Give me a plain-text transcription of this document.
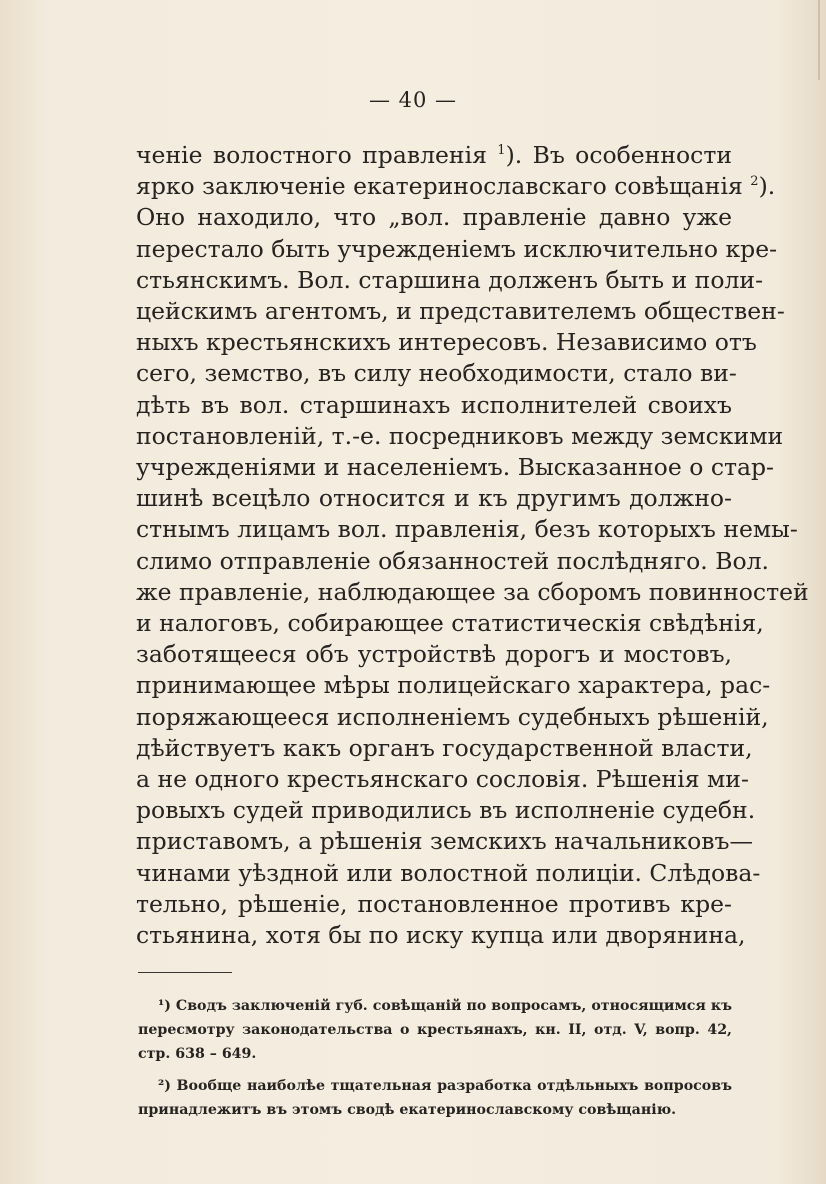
— 40 —
ченіе волостного правленія $^1$). Въ особенности
ярко заключеніе екатеринославскаго совѣщанія $^2$).
Оно находило, что „вол. правленіе давно уже
перестало быть учрежденіемъ исключительно кре-
стьянскимъ. Вол. старшина долженъ быть и поли-
цейскимъ агентомъ, и представителемъ обществен-
ныхъ крестьянскихъ интересовъ. Независимо отъ
сего, земство, въ силу необходимости, стало ви-
дѣть въ вол. старшинахъ исполнителей своихъ
постановленій, т.-е. посредниковъ между земскими
учрежденіями и населеніемъ. Высказанное о стар-
шинѣ всецѣло относится и къ другимъ должно-
стнымъ лицамъ вол. правленія, безъ которыхъ немы-
слимо отправленіе обязанностей послѣдняго. Вол.
же правленіе, наблюдающее за сборомъ повинностей
и налоговъ, собирающее статистическія свѣдѣнія,
заботящееся объ устройствѣ дорогъ и мостовъ,
принимающее мѣры полицейскаго характера, рас-
поряжающееся исполненіемъ судебныхъ рѣшеній,
дѣйствуетъ какъ органъ государственной власти,
а не одного крестьянскаго сословія. Рѣшенія ми-
ровыхъ судей приводились въ исполненіе судебн.
приставомъ, а рѣшенія земскихъ начальниковъ—
чинами уѣздной или волостной полиціи. Слѣдова-
тельно, рѣшеніе, постановленное противъ кре-
стьянина, хотя бы по иску купца или дворянина,
¹) Сводъ заключеній губ. совѣщаній по вопросамъ, относящимся къ
пересмотру законодательства о крестьянахъ, кн. II, отд. V, вопр. 42,
стр. 638 – 649.
²) Вообще наиболѣе тщательная разработка отдѣльныхъ вопросовъ
принадлежитъ въ этомъ сводѣ екатеринославскому совѣщанію.
